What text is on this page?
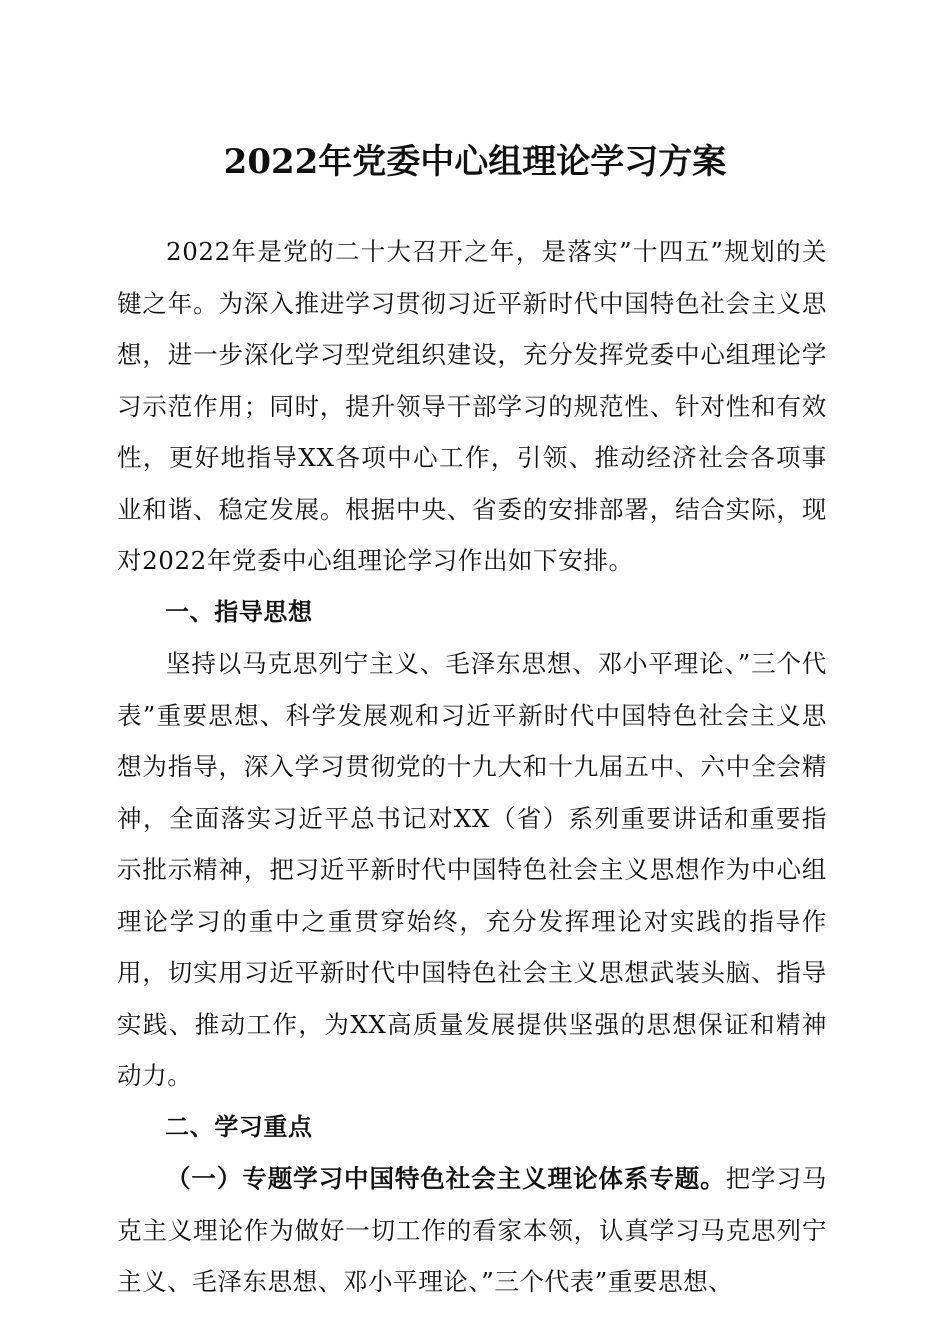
2022年党委中心组理论学习方案

2022年是党的二十大召开之年，是落实”十四五”规划的关键之年。为深入推进学习贯彻习近平新时代中国特色社会主义思想，进一步深化学习型党组织建设，充分发挥党委中心组理论学习示范作用；同时，提升领导干部学习的规范性、针对性和有效性，更好地指导XX各项中心工作，引领、推动经济社会各项事业和谐、稳定发展。根据中央、省委的安排部署，结合实际，现对2022年党委中心组理论学习作出如下安排。

一、指导思想

坚持以马克思列宁主义、毛泽东思想、邓小平理论、”三个代表”重要思想、科学发展观和习近平新时代中国特色社会主义思想为指导，深入学习贯彻党的十九大和十九届五中、六中全会精神，全面落实习近平总书记对XX（省）系列重要讲话和重要指示批示精神，把习近平新时代中国特色社会主义思想作为中心组理论学习的重中之重贯穿始终，充分发挥理论对实践的指导作用，切实用习近平新时代中国特色社会主义思想武装头脑、指导实践、推动工作，为XX高质量发展提供坚强的思想保证和精神动力。

二、学习重点

（一）专题学习中国特色社会主义理论体系专题。把学习马克主义理论作为做好一切工作的看家本领，认真学习马克思列宁主义、毛泽东思想、邓小平理论、”三个代表”重要思想、
